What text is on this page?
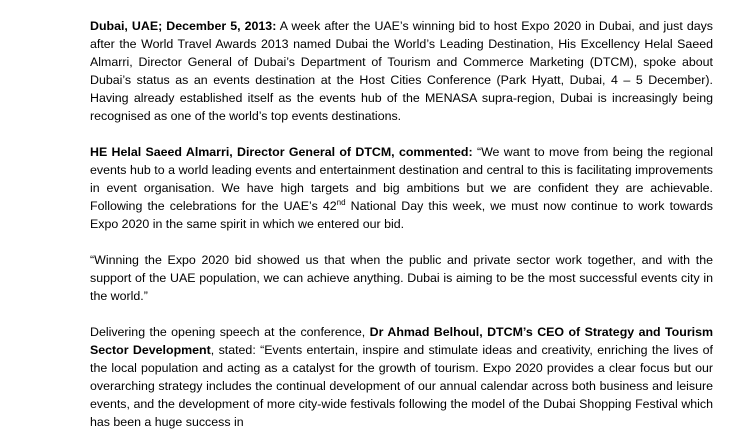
Dubai, UAE; December 5, 2013: A week after the UAE’s winning bid to host Expo 2020 in Dubai, and just days after the World Travel Awards 2013 named Dubai the World’s Leading Destination, His Excellency Helal Saeed Almarri, Director General of Dubai’s Department of Tourism and Commerce Marketing (DTCM), spoke about Dubai’s status as an events destination at the Host Cities Conference (Park Hyatt, Dubai, 4 – 5 December). Having already established itself as the events hub of the MENASA supra-region, Dubai is increasingly being recognised as one of the world’s top events destinations.

HE Helal Saeed Almarri, Director General of DTCM, commented: “We want to move from being the regional events hub to a world leading events and entertainment destination and central to this is facilitating improvements in event organisation. We have high targets and big ambitions but we are confident they are achievable. Following the celebrations for the UAE’s 42nd National Day this week, we must now continue to work towards Expo 2020 in the same spirit in which we entered our bid.

“Winning the Expo 2020 bid showed us that when the public and private sector work together, and with the support of the UAE population, we can achieve anything. Dubai is aiming to be the most successful events city in the world.”

Delivering the opening speech at the conference, Dr Ahmad Belhoul, DTCM’s CEO of Strategy and Tourism Sector Development, stated: “Events entertain, inspire and stimulate ideas and creativity, enriching the lives of the local population and acting as a catalyst for the growth of tourism. Expo 2020 provides a clear focus but our overarching strategy includes the continual development of our annual calendar across both business and leisure events, and the development of more city-wide festivals following the model of the Dubai Shopping Festival which has been a huge success in
